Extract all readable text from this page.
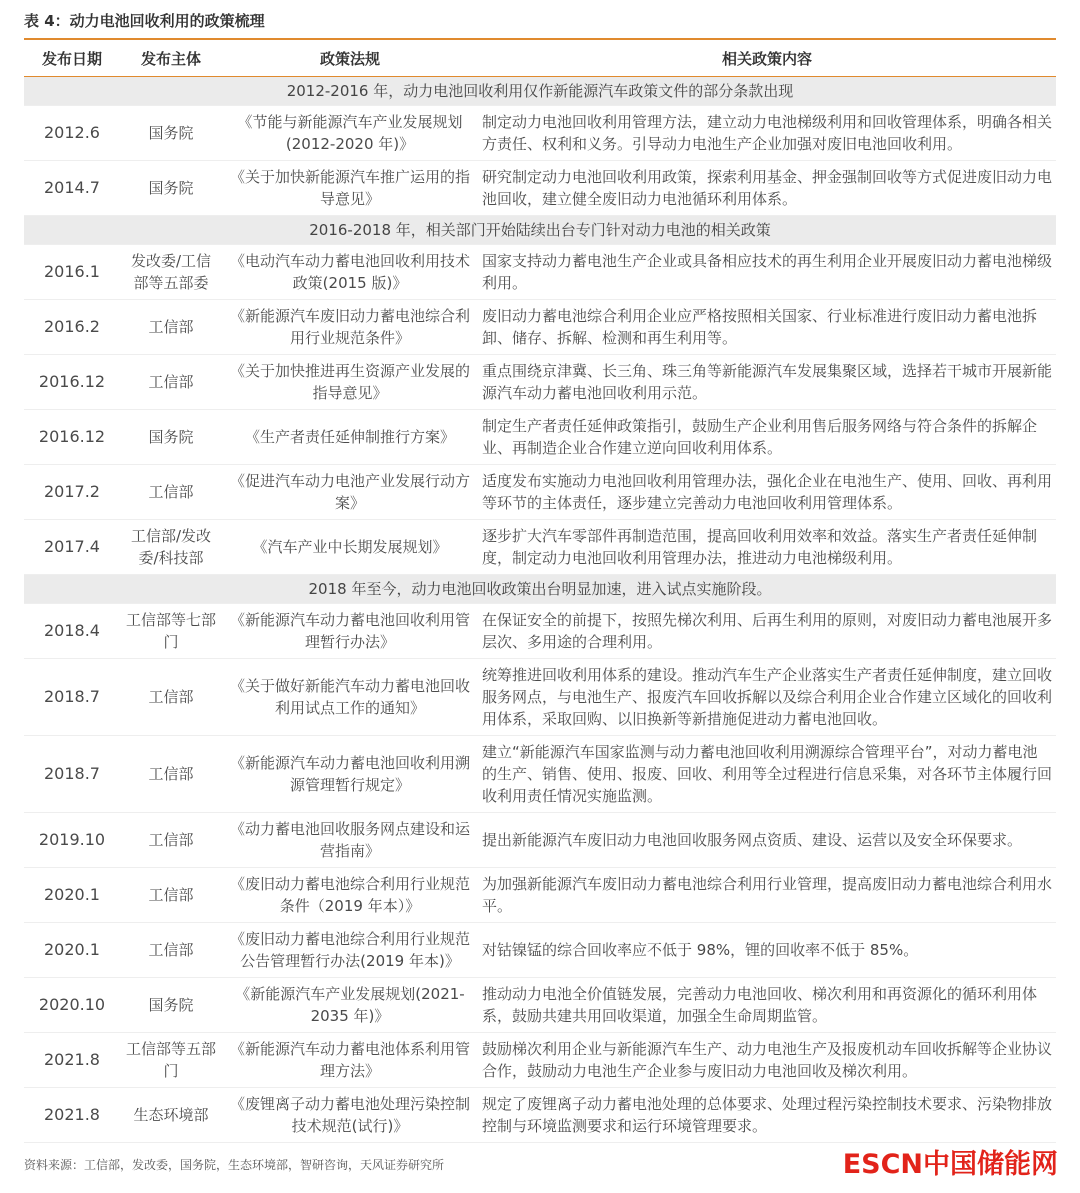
表 4：动力电池回收利用的政策梳理
发布日期	发布主体	政策法规	相关政策内容
2012-2016 年，动力电池回收利用仅作新能源汽车政策文件的部分条款出现			
2012.6	国务院	《节能与新能源汽车产业发展规划(2012-2020 年)》	制定动力电池回收利用管理方法，建立动力电池梯级利用和回收管理体系，明确各相关方责任、权利和义务。引导动力电池生产企业加强对废旧电池回收利用。
2014.7	国务院	《关于加快新能源汽车推广运用的指导意见》	研究制定动力电池回收利用政策，探索利用基金、押金强制回收等方式促进废旧动力电池回收，建立健全废旧动力电池循环利用体系。
2016-2018 年，相关部门开始陆续出台专门针对动力电池的相关政策			
2016.1	发改委/工信部等五部委	《电动汽车动力蓄电池回收利用技术政策(2015 版)》	国家支持动力蓄电池生产企业或具备相应技术的再生利用企业开展废旧动力蓄电池梯级利用。
2016.2	工信部	《新能源汽车废旧动力蓄电池综合利用行业规范条件》	废旧动力蓄电池综合利用企业应严格按照相关国家、行业标准进行废旧动力蓄电池拆卸、储存、拆解、检测和再生利用等。
2016.12	工信部	《关于加快推进再生资源产业发展的指导意见》	重点围绕京津冀、长三角、珠三角等新能源汽车发展集聚区域，选择若干城市开展新能源汽车动力蓄电池回收利用示范。
2016.12	国务院	《生产者责任延伸制推行方案》	制定生产者责任延伸政策指引，鼓励生产企业利用售后服务网络与符合条件的拆解企业、再制造企业合作建立逆向回收利用体系。
2017.2	工信部	《促进汽车动力电池产业发展行动方案》	适度发布实施动力电池回收利用管理办法，强化企业在电池生产、使用、回收、再利用等环节的主体责任，逐步建立完善动力电池回收利用管理体系。
2017.4	工信部/发改委/科技部	《汽车产业中长期发展规划》	逐步扩大汽车零部件再制造范围，提高回收利用效率和效益。落实生产者责任延伸制度，制定动力电池回收利用管理办法，推进动力电池梯级利用。
2018 年至今，动力电池回收政策出台明显加速，进入试点实施阶段。			
2018.4	工信部等七部门	《新能源汽车动力蓄电池回收利用管理暂行办法》	在保证安全的前提下，按照先梯次利用、后再生利用的原则，对废旧动力蓄电池展开多层次、多用途的合理利用。
2018.7	工信部	《关于做好新能汽车动力蓄电池回收利用试点工作的通知》	统筹推进回收利用体系的建设。推动汽车生产企业落实生产者责任延伸制度，建立回收服务网点，与电池生产、报废汽车回收拆解以及综合利用企业合作建立区域化的回收利用体系，采取回购、以旧换新等新措施促进动力蓄电池回收。
2018.7	工信部	《新能源汽车动力蓄电池回收利用溯源管理暂行规定》	建立“新能源汽车国家监测与动力蓄电池回收利用溯源综合管理平台”，对动力蓄电池的生产、销售、使用、报废、回收、利用等全过程进行信息采集，对各环节主体履行回收利用责任情况实施监测。
2019.10	工信部	《动力蓄电池回收服务网点建设和运营指南》	提出新能源汽车废旧动力电池回收服务网点资质、建设、运营以及安全环保要求。
2020.1	工信部	《废旧动力蓄电池综合利用行业规范条件（2019 年本）》	为加强新能源汽车废旧动力蓄电池综合利用行业管理，提高废旧动力蓄电池综合利用水平。
2020.1	工信部	《废旧动力蓄电池综合利用行业规范公告管理暂行办法(2019 年本)》	对钴镍锰的综合回收率应不低于 98%，锂的回收率不低于 85%。
2020.10	国务院	《新能源汽车产业发展规划(2021-2035 年)》	推动动力电池全价值链发展，完善动力电池回收、梯次利用和再资源化的循环利用体系，鼓励共建共用回收渠道，加强全生命周期监管。
2021.8	工信部等五部门	《新能源汽车动力蓄电池体系利用管理方法》	鼓励梯次利用企业与新能源汽车生产、动力电池生产及报废机动车回收拆解等企业协议合作，鼓励动力电池生产企业参与废旧动力电池回收及梯次利用。
2021.8	生态环境部	《废锂离子动力蓄电池处理污染控制技术规范(试行)》	规定了废锂离子动力蓄电池处理的总体要求、处理过程污染控制技术要求、污染物排放控制与环境监测要求和运行环境管理要求。
资料来源：工信部，发改委，国务院，生态环境部，智研咨询，天风证券研究所	ESCN中国储能网
